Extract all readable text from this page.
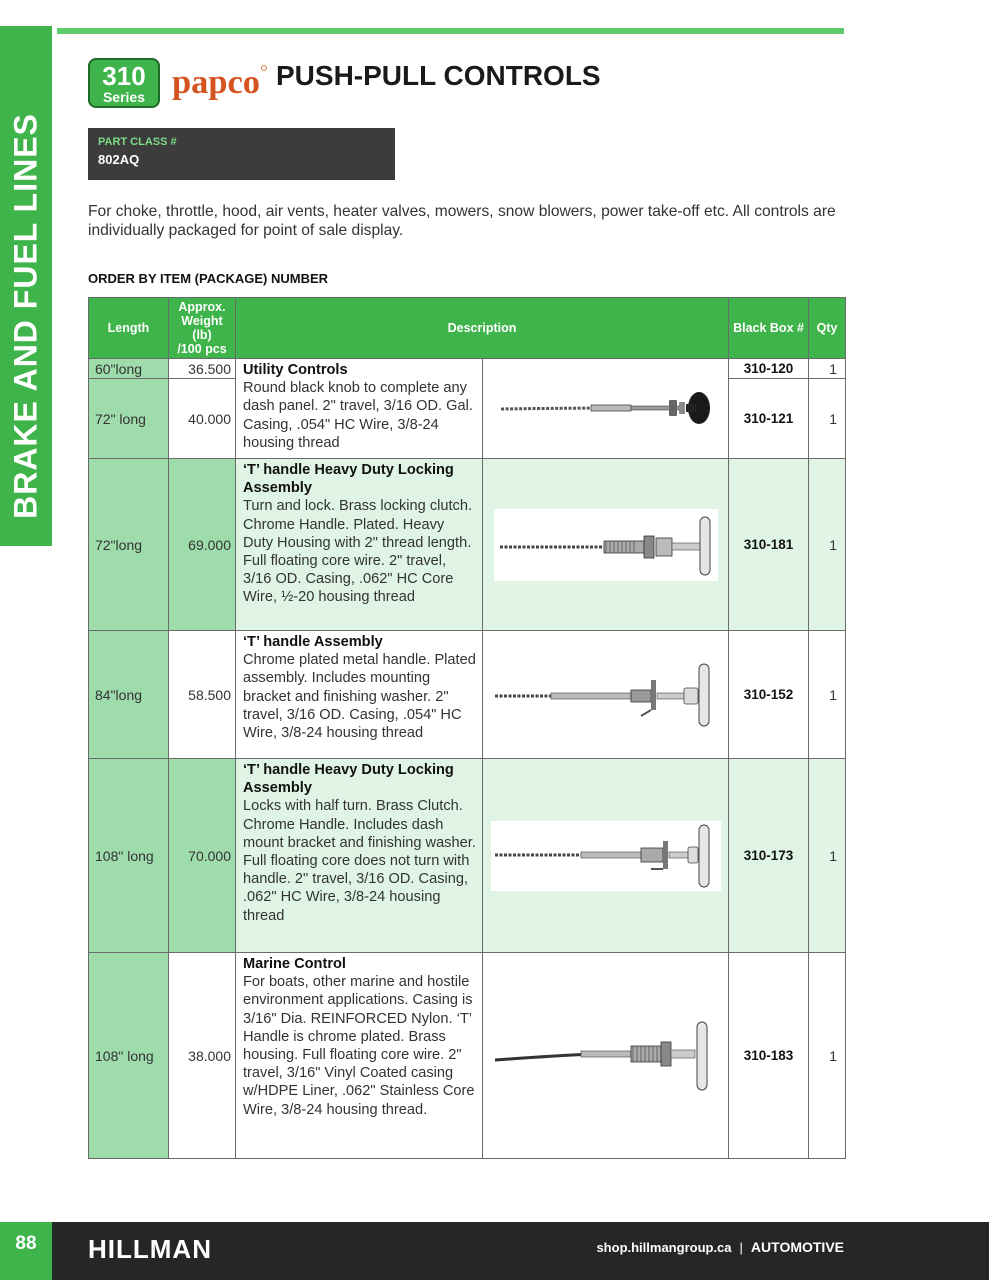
BRAKE AND FUEL LINES
310
Series papco PUSH-PULL CONTROLS
PART CLASS #
802AQ

For choke, throttle, hood, air vents, heater valves, mowers, snow blowers, power take-off etc. All controls are individually packaged for point of sale display.

ORDER BY ITEM (PACKAGE) NUMBER
Length	Approx.
Weight (lb)
/100 pcs	Description		Black Box #	Qty
60"long	36.500	Utility Controls
Round black knob to complete any dash panel. 2" travel, 3/16 OD. Gal. Casing, .054" HC Wire, 3/8-24 housing thread		310-120	1
72" long	40.000			310-121	1
72"long	69.000	‘T’ handle Heavy Duty Locking Assembly
Turn and lock. Brass locking clutch. Chrome Handle. Plated. Heavy Duty Housing with 2" thread length. Full floating core wire. 2" travel, 3/16 OD. Casing, .062" HC Core Wire, ½-20 housing thread		310-181	1
84"long	58.500	‘T’ handle Assembly
Chrome plated metal handle. Plated assembly. Includes mounting bracket and finishing washer. 2" travel, 3/16 OD. Casing, .054" HC Wire, 3/8-24 housing thread		310-152	1
108" long	70.000	‘T’ handle Heavy Duty Locking Assembly
Locks with half turn. Brass Clutch. Chrome Handle. Includes dash mount bracket and finishing washer. Full floating core does not turn with handle. 2" travel, 3/16 OD. Casing, .062" HC Wire, 3/8-24 housing thread		310-173	1
108" long	38.000	Marine Control
For boats, other marine and hostile environment applications. Casing is 3/16" Dia. REINFORCED Nylon. ‘T’ Handle is chrome plated. Brass housing. Full floating core wire. 2" travel, 3/16" Vinyl Coated casing w/HDPE Liner, .062" Stainless Core Wire, 3/8-24 housing thread.		310-183	1
88	HILLMAN	shop.hillmangroup.ca | AUTOMOTIVE
